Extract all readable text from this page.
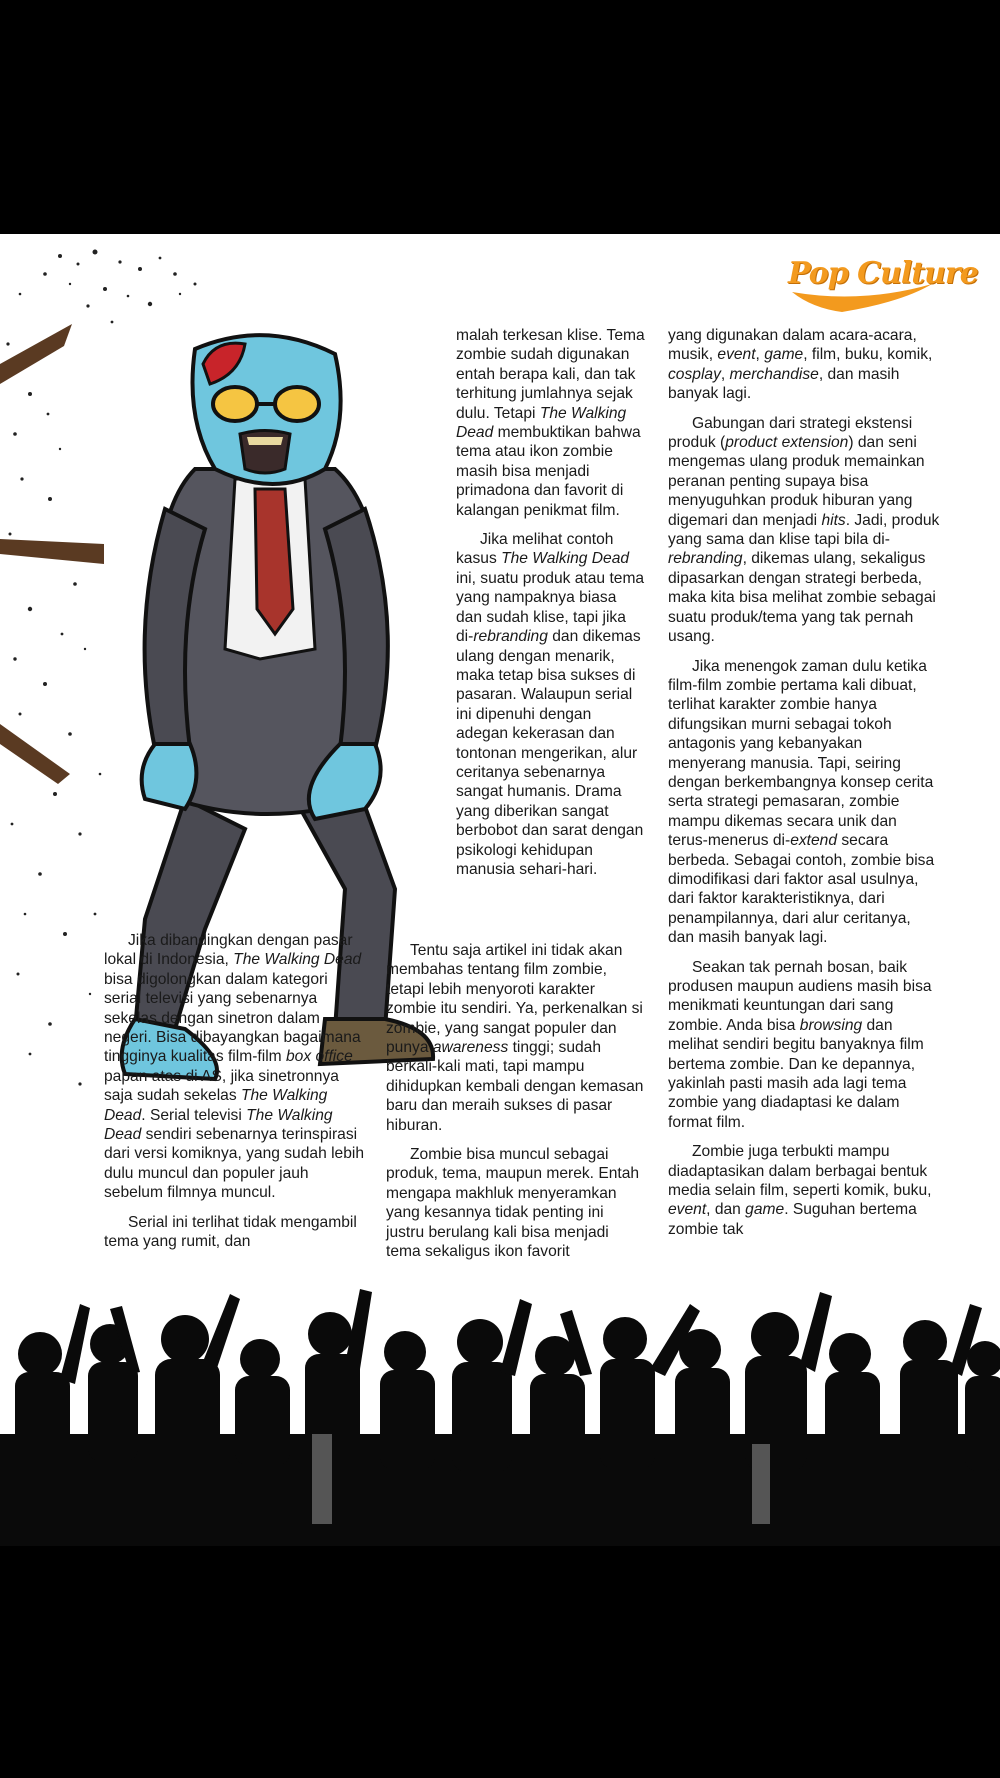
Pop Culture

malah terkesan klise. Tema zombie sudah digunakan entah berapa kali, dan tak terhitung jumlahnya sejak dulu. Tetapi The Walking Dead membuktikan bahwa tema atau ikon zombie masih bisa menjadi primadona dan favorit di kalangan penikmat film.

Jika melihat contoh kasus The Walking Dead ini, suatu produk atau tema yang nampaknya biasa dan sudah klise, tapi jika di-rebranding dan dikemas ulang dengan menarik, maka tetap bisa sukses di pasaran. Walaupun serial ini dipenuhi dengan adegan kekerasan dan tontonan mengerikan, alur ceritanya sebenarnya sangat humanis. Drama yang diberikan sangat berbobot dan sarat dengan psikologi kehidupan manusia sehari-hari.

Jika dibandingkan dengan pasar lokal di Indonesia, The Walking Dead bisa digolongkan dalam kategori serial televisi yang sebenarnya sekelas dengan sinetron dalam negeri. Bisa dibayangkan bagaimana tingginya kualitas film-film box office papan atas di AS, jika sinetronnya saja sudah sekelas The Walking Dead. Serial televisi The Walking Dead sendiri sebenarnya terinspirasi dari versi komiknya, yang sudah lebih dulu muncul dan populer jauh sebelum filmnya muncul.

Serial ini terlihat tidak mengambil tema yang rumit, dan

Tentu saja artikel ini tidak akan membahas tentang film zombie, tetapi lebih menyoroti karakter zombie itu sendiri. Ya, perkenalkan si zombie, yang sangat populer dan punya awareness tinggi; sudah berkali-kali mati, tapi mampu dihidupkan kembali dengan kemasan baru dan meraih sukses di pasar hiburan.

Zombie bisa muncul sebagai produk, tema, maupun merek. Entah mengapa makhluk menyeramkan yang kesannya tidak penting ini justru berulang kali bisa menjadi tema sekaligus ikon favorit

yang digunakan dalam acara-acara, musik, event, game, film, buku, komik, cosplay, merchandise, dan masih banyak lagi.

Gabungan dari strategi ekstensi produk (product extension) dan seni mengemas ulang produk memainkan peranan penting supaya bisa menyuguhkan produk hiburan yang digemari dan menjadi hits. Jadi, produk yang sama dan klise tapi bila di-rebranding, dikemas ulang, sekaligus dipasarkan dengan strategi berbeda, maka kita bisa melihat zombie sebagai suatu produk/tema yang tak pernah usang.

Jika menengok zaman dulu ketika film-film zombie pertama kali dibuat, terlihat karakter zombie hanya difungsikan murni sebagai tokoh antagonis yang kebanyakan menyerang manusia. Tapi, seiring dengan berkembangnya konsep cerita serta strategi pemasaran, zombie mampu dikemas secara unik dan terus-menerus di-extend secara berbeda. Sebagai contoh, zombie bisa dimodifikasi dari faktor asal usulnya, dari faktor karakteristiknya, dari penampilannya, dari alur ceritanya, dan masih banyak lagi.

Seakan tak pernah bosan, baik produsen maupun audiens masih bisa menikmati keuntungan dari sang zombie. Anda bisa browsing dan melihat sendiri begitu banyaknya film bertema zombie. Dan ke depannya, yakinlah pasti masih ada lagi tema zombie yang diadaptasi ke dalam format film.

Zombie juga terbukti mampu diadaptasikan dalam berbagai bentuk media selain film, seperti komik, buku, event, dan game. Suguhan bertema zombie tak
